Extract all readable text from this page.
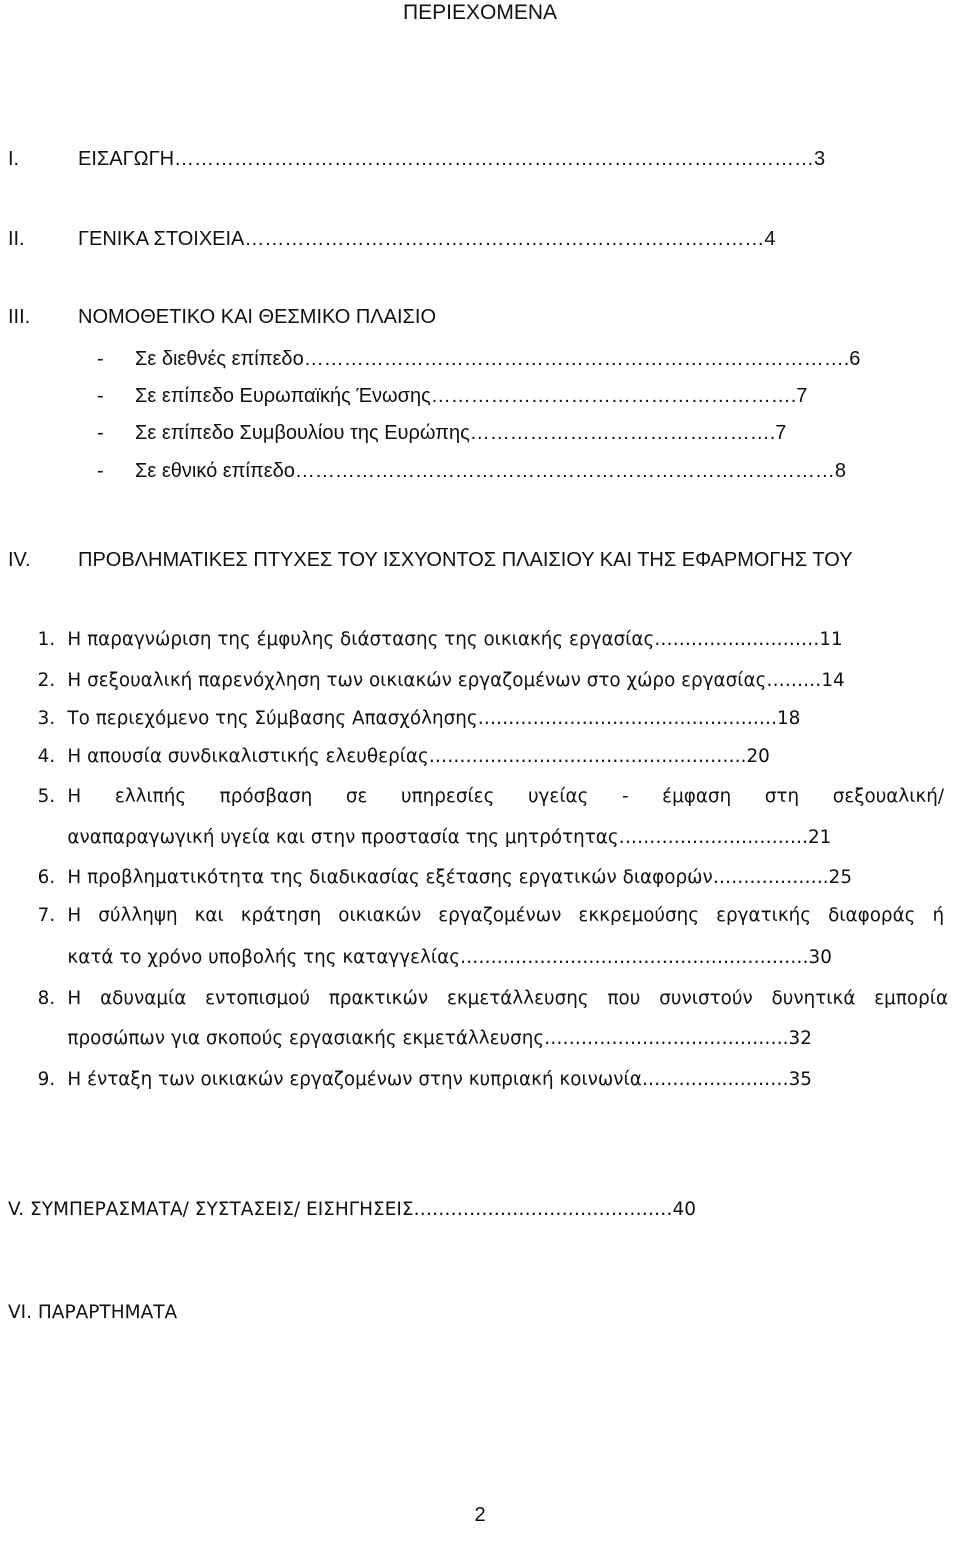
ΠΕΡΙΕΧΟΜΕΝΑ
I.	ΕΙΣΑΓΩΓΗ……………………………………………………………………………………3
II.	ΓΕΝΙΚΑ ΣΤΟΙΧΕΙΑ……………………………………………………………………4
III. ΝΟΜΟΘΕΤΙΚΟ ΚΑΙ ΘΕΣΜΙΚΟ ΠΛΑΙΣΙΟ
- Σε διεθνές επίπεδο……………………………………………………………………….6
- Σε επίπεδο Ευρωπαϊκής Ένωσης……………………………………………….7
- Σε επίπεδο Συμβουλίου της Ευρώπης……………………………………….7
- Σε εθνικό επίπεδο………………………………………………………………………8
IV. ΠΡΟΒΛΗΜΑΤΙΚΕΣ ΠΤΥΧΕΣ ΤΟΥ ΙΣΧΥΟΝΤΟΣ ΠΛΑΙΣΙΟΥ ΚΑΙ ΤΗΣ ΕΦΑΡΜΟΓΗΣ ΤΟΥ
1. Η παραγνώριση της έμφυλης διάστασης της οικιακής εργασίας………………………11
2. Η σεξουαλική παρενόχληση των οικιακών εργαζομένων στο χώρο εργασίας………14
3. Το περιεχόμενο της Σύμβασης Απασχόλησης………………………………………….18
4. Η απουσία συνδικαλιστικής ελευθερίας…………………………………………….20
5. Η ελλιπής πρόσβαση σε υπηρεσίες υγείας - έμφαση στη σεξουαλική/
αναπαραγωγική υγεία και στην προστασία της μητρότητας………………………….21
6. Η προβληματικότητα της διαδικασίας εξέτασης εργατικών διαφορών……………….25
7. Η σύλληψη και κράτηση οικιακών εργαζομένων εκκρεμούσης εργατικής διαφοράς ή
κατά το χρόνο υποβολής της καταγγελίας…………………………………………………30
8. Η αδυναμία εντοπισμού πρακτικών εκμετάλλευσης που συνιστούν δυνητικά εμπορία
προσώπων για σκοπούς εργασιακής εκμετάλλευσης………………………………….32
9. Η ένταξη των οικιακών εργαζομένων στην κυπριακή κοινωνία……………………35
V. ΣΥΜΠΕΡΑΣΜΑΤΑ/ ΣΥΣΤΑΣΕΙΣ/ ΕΙΣΗΓΗΣΕΙΣ……………………………………40
VI. ΠΑΡΑΡΤΗΜΑΤΑ
2
